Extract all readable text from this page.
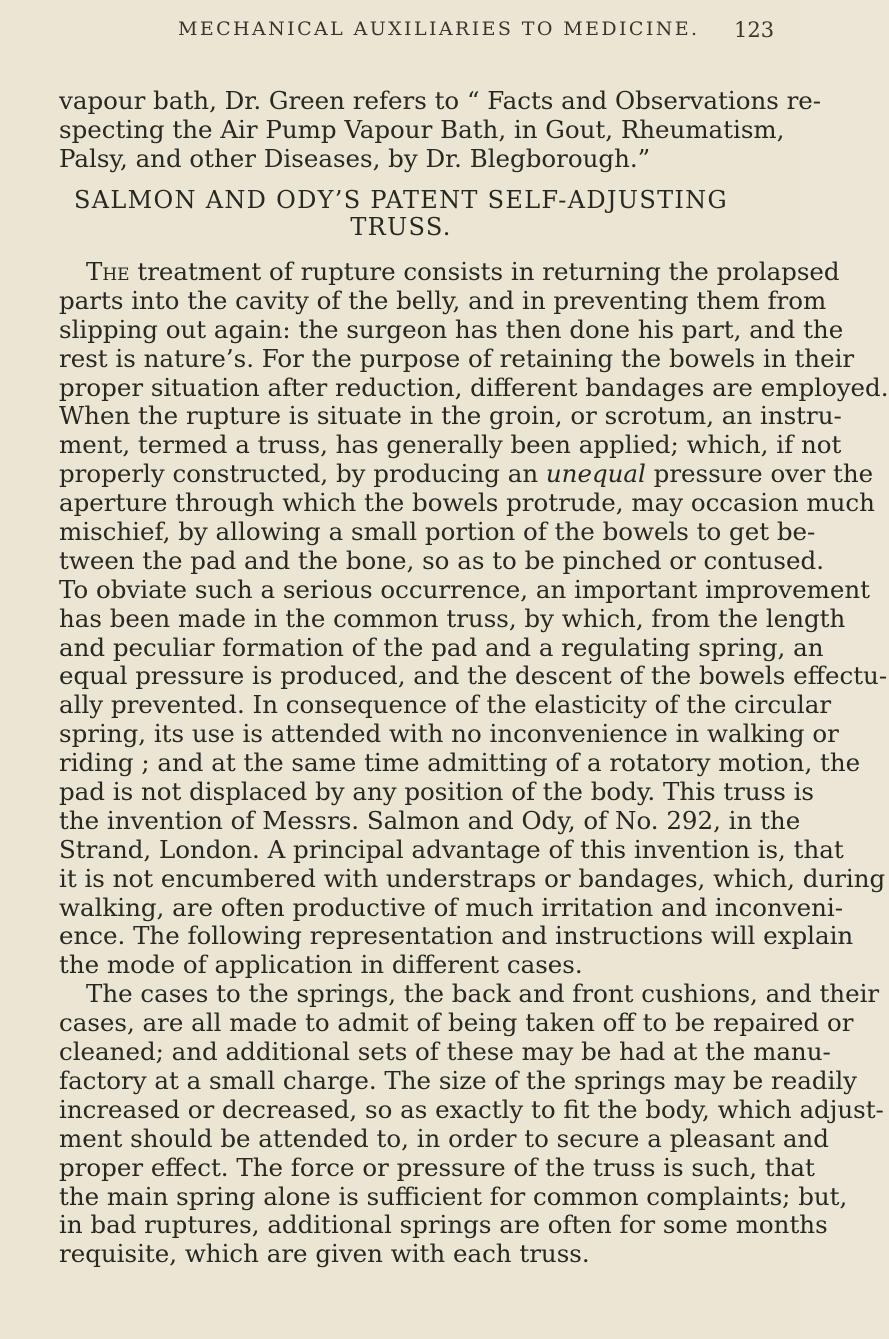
MECHANICAL AUXILIARIES TO MEDICINE. 123
vapour bath, Dr. Green refers to “ Facts and Observations re-
specting the Air Pump Vapour Bath, in Gout, Rheumatism,
Palsy, and other Diseases, by Dr. Blegborough.”
SALMON AND ODY’S PATENT SELF-ADJUSTING
TRUSS.
The treatment of rupture consists in returning the prolapsed
parts into the cavity of the belly, and in preventing them from
slipping out again: the surgeon has then done his part, and the
rest is nature’s. For the purpose of retaining the bowels in their
proper situation after reduction, different bandages are employed.
When the rupture is situate in the groin, or scrotum, an instru-
ment, termed a truss, has generally been applied; which, if not
properly constructed, by producing an unequal pressure over the
aperture through which the bowels protrude, may occasion much
mischief, by allowing a small portion of the bowels to get be-
tween the pad and the bone, so as to be pinched or contused.
To obviate such a serious occurrence, an important improvement
has been made in the common truss, by which, from the length
and peculiar formation of the pad and a regulating spring, an
equal pressure is produced, and the descent of the bowels effectu-
ally prevented. In consequence of the elasticity of the circular
spring, its use is attended with no inconvenience in walking or
riding ; and at the same time admitting of a rotatory motion, the
pad is not displaced by any position of the body. This truss is
the invention of Messrs. Salmon and Ody, of No. 292, in the
Strand, London. A principal advantage of this invention is, that
it is not encumbered with understraps or bandages, which, during
walking, are often productive of much irritation and inconveni-
ence. The following representation and instructions will explain
the mode of application in different cases.
The cases to the springs, the back and front cushions, and their
cases, are all made to admit of being taken off to be repaired or
cleaned; and additional sets of these may be had at the manu-
factory at a small charge. The size of the springs may be readily
increased or decreased, so as exactly to fit the body, which adjust-
ment should be attended to, in order to secure a pleasant and
proper effect. The force or pressure of the truss is such, that
the main spring alone is sufficient for common complaints; but,
in bad ruptures, additional springs are often for some months
requisite, which are given with each truss.
